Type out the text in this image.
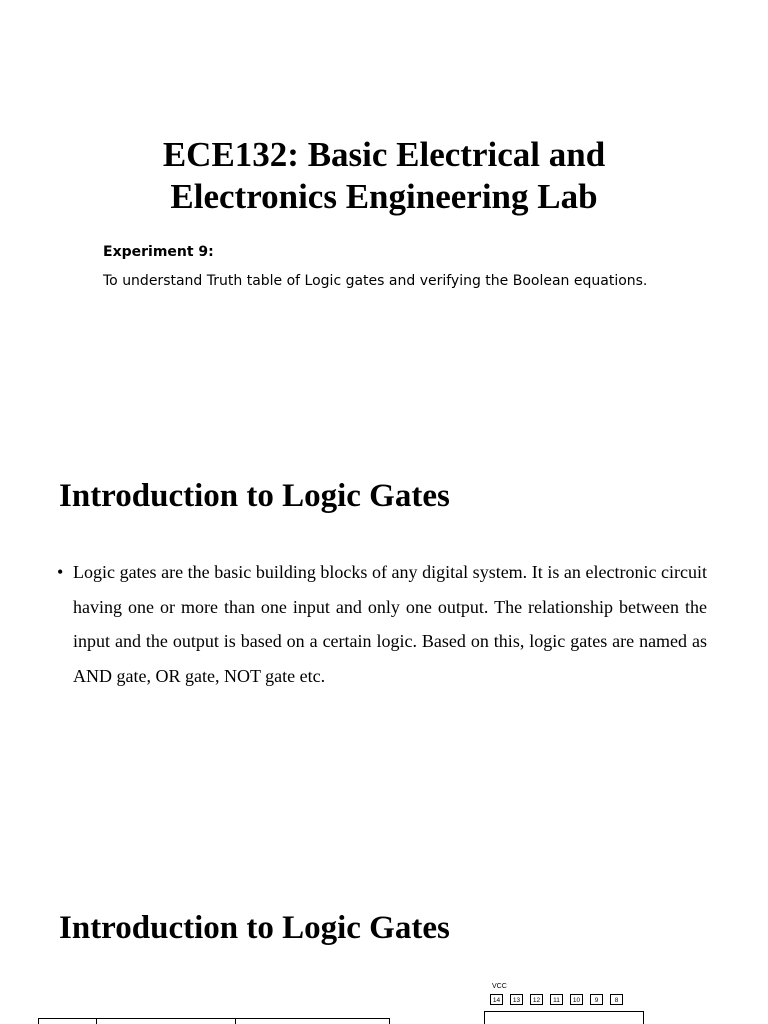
ECE132: Basic Electrical and
Electronics Engineering Lab

Experiment 9:

To understand Truth table of Logic gates and verifying the Boolean equations.

Introduction to Logic Gates
• Logic gates are the basic building blocks of any digital system. It is an electronic circuit having one or more than one input and only one output. The relationship between the input and the output is based on a certain logic. Based on this, logic gates are named as AND gate, OR gate, NOT gate etc.
Introduction to Logic Gates
VCC
14	13	12	11	10	9	8
